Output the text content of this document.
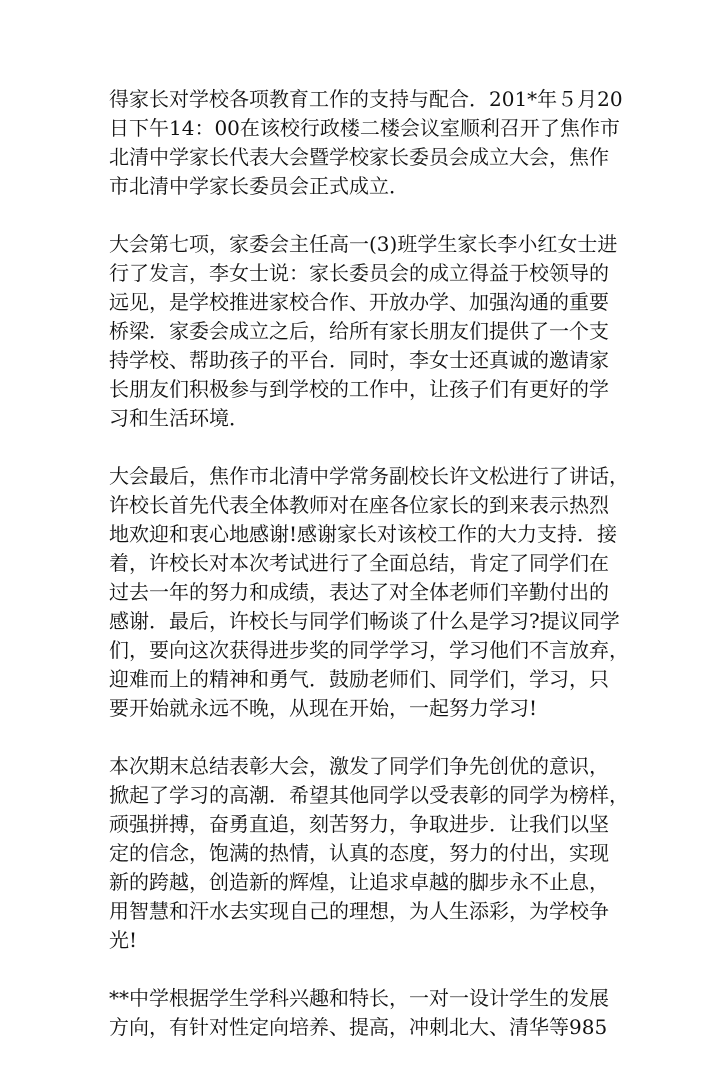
得家长对学校各项教育工作的支持与配合．201*年５月20
日下午14：00在该校行政楼二楼会议室顺利召开了焦作市
北清中学家长代表大会暨学校家长委员会成立大会，焦作
市北清中学家长委员会正式成立．
大会第七项，家委会主任高一(3)班学生家长李小红女士进
行了发言，李女士说：家长委员会的成立得益于校领导的
远见，是学校推进家校合作、开放办学、加强沟通的重要
桥梁．家委会成立之后，给所有家长朋友们提供了一个支
持学校、帮助孩子的平台．同时，李女士还真诚的邀请家
长朋友们积极参与到学校的工作中，让孩子们有更好的学
习和生活环境．
大会最后，焦作市北清中学常务副校长许文松进行了讲话，
许校长首先代表全体教师对在座各位家长的到来表示热烈
地欢迎和衷心地感谢!感谢家长对该校工作的大力支持．接
着，许校长对本次考试进行了全面总结，肯定了同学们在
过去一年的努力和成绩，表达了对全体老师们辛勤付出的
感谢．最后，许校长与同学们畅谈了什么是学习?提议同学
们，要向这次获得进步奖的同学学习，学习他们不言放弃，
迎难而上的精神和勇气．鼓励老师们、同学们，学习，只
要开始就永远不晚，从现在开始，一起努力学习!
本次期末总结表彰大会，激发了同学们争先创优的意识，
掀起了学习的高潮．希望其他同学以受表彰的同学为榜样，
顽强拼搏，奋勇直追，刻苦努力，争取进步．让我们以坚
定的信念，饱满的热情，认真的态度，努力的付出，实现
新的跨越，创造新的辉煌，让追求卓越的脚步永不止息，
用智慧和汗水去实现自己的理想，为人生添彩，为学校争
光!
**中学根据学生学科兴趣和特长，一对一设计学生的发展
方向，有针对性定向培养、提高，冲刺北大、清华等985
